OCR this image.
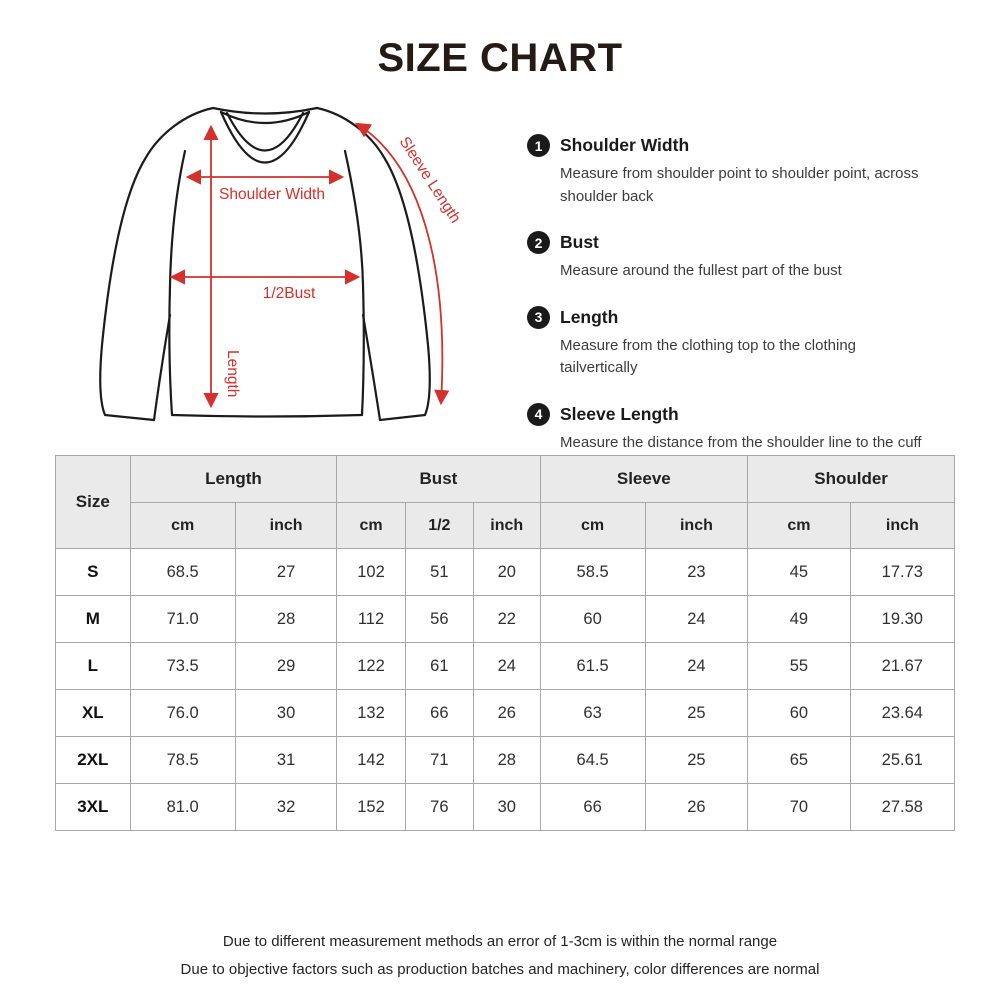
SIZE CHART
Shoulder Width
1/2Bust
Length
Sleeve Length	1	Shoulder Width
Measure from shoulder point to shoulder point, across shoulder back
2	Bust
Measure around the fullest part of the bust
3	Length
Measure from the clothing top to the clothing tailvertically
4	Sleeve Length
Measure the distance from the shoulder line to the cuff
Size	Length		Bust			Sleeve		Shoulder	
	cm	inch	cm	1/2	inch	cm	inch	cm	inch
S	68.5	27	102	51	20	58.5	23	45	17.73
M	71.0	28	112	56	22	60	24	49	19.30
L	73.5	29	122	61	24	61.5	24	55	21.67
XL	76.0	30	132	66	26	63	25	60	23.64
2XL	78.5	31	142	71	28	64.5	25	65	25.61
3XL	81.0	32	152	76	30	66	26	70	27.58
Due to different measurement methods an error of 1-3cm is within the normal range
Due to objective factors such as production batches and machinery, color differences are normal
